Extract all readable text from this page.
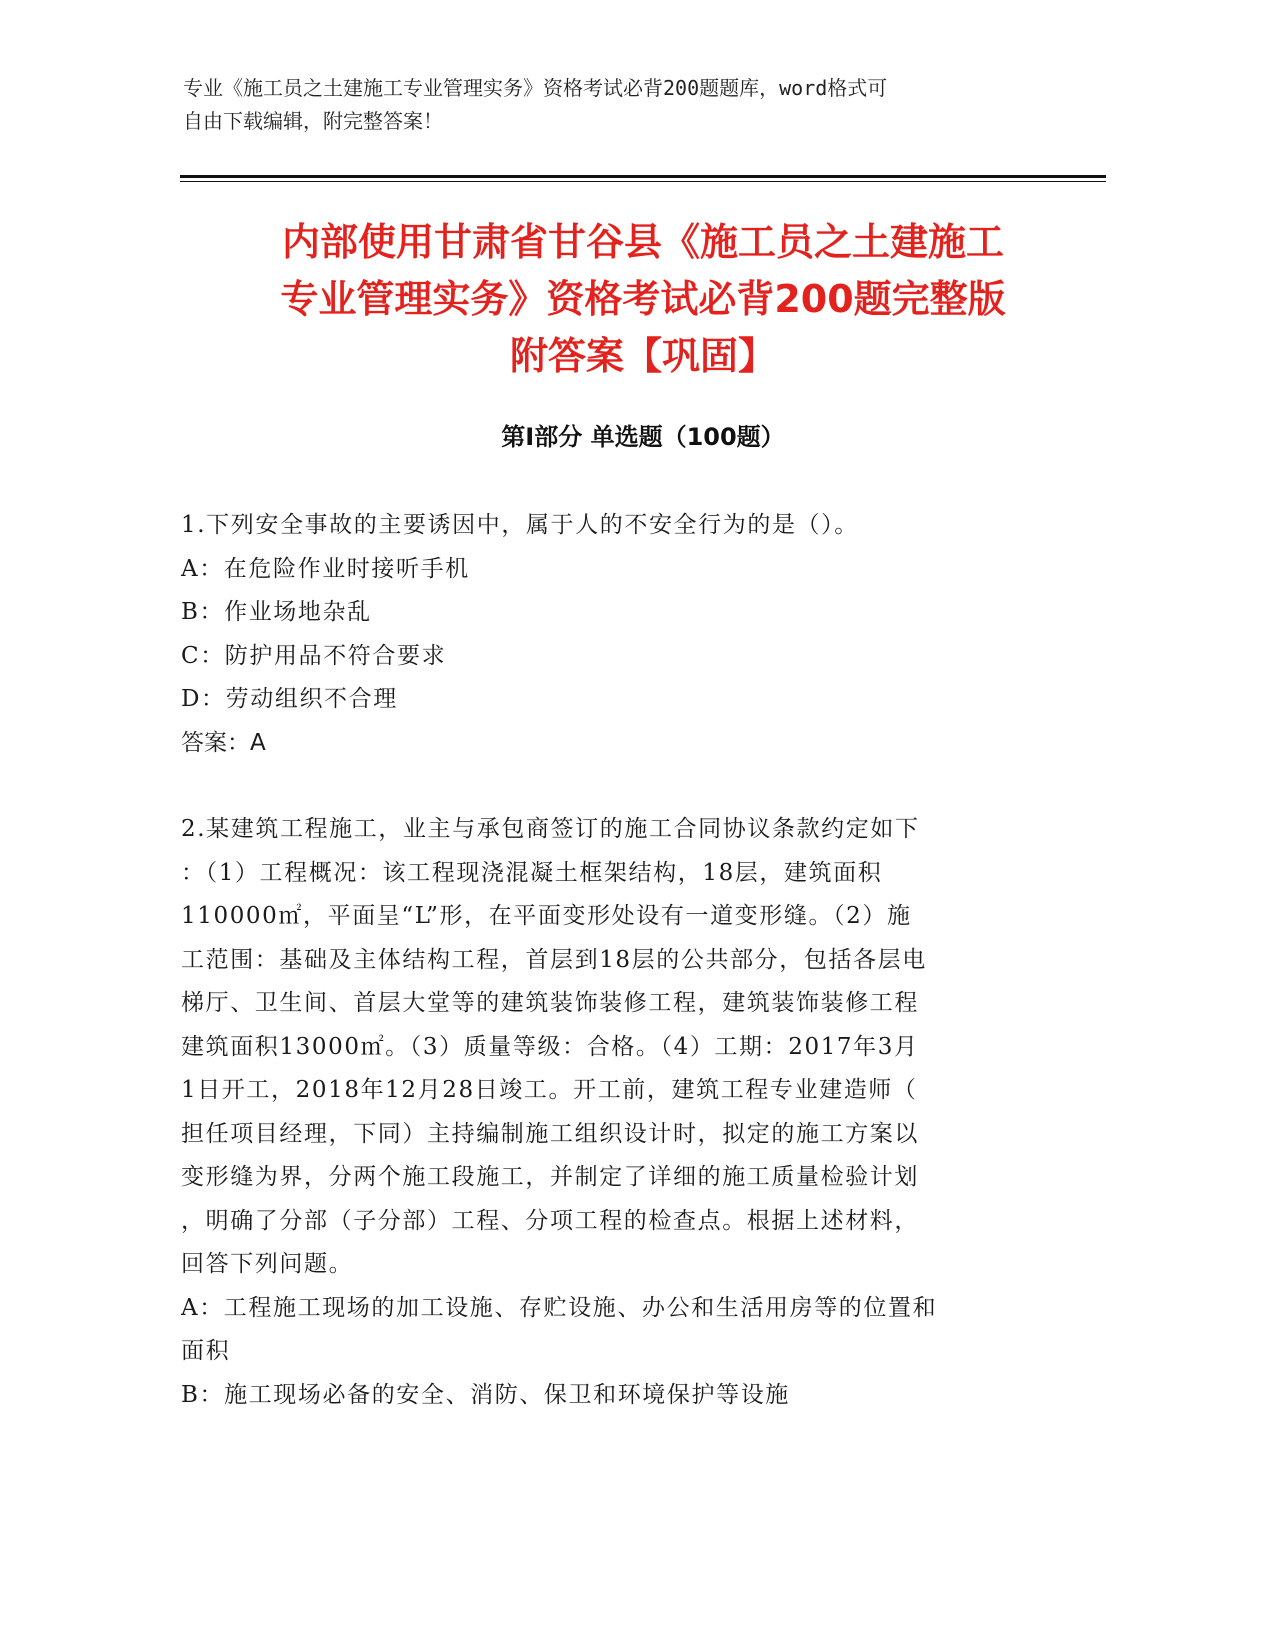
专业《施工员之土建施工专业管理实务》资格考试必背200题题库，word格式可
自由下载编辑，附完整答案！
内部使用甘肃省甘谷县《施工员之土建施工
专业管理实务》资格考试必背200题完整版
附答案【巩固】
第I部分 单选题（100题）
1.下列安全事故的主要诱因中，属于人的不安全行为的是（）。
A：在危险作业时接听手机
B：作业场地杂乱
C：防护用品不符合要求
D：劳动组织不合理
答案：A
2.某建筑工程施工，业主与承包商签订的施工合同协议条款约定如下
：（1）工程概况：该工程现浇混凝土框架结构，18层，建筑面积
110000㎡，平面呈“L”形，在平面变形处设有一道变形缝。（2）施
工范围：基础及主体结构工程，首层到18层的公共部分，包括各层电
梯厅、卫生间、首层大堂等的建筑装饰装修工程，建筑装饰装修工程
建筑面积13000㎡。（3）质量等级：合格。（4）工期：2017年3月
1日开工，2018年12月28日竣工。开工前，建筑工程专业建造师（
担任项目经理，下同）主持编制施工组织设计时，拟定的施工方案以
变形缝为界，分两个施工段施工，并制定了详细的施工质量检验计划
，明确了分部（子分部）工程、分项工程的检查点。根据上述材料，
回答下列问题。
A：工程施工现场的加工设施、存贮设施、办公和生活用房等的位置和
面积
B：施工现场必备的安全、消防、保卫和环境保护等设施
